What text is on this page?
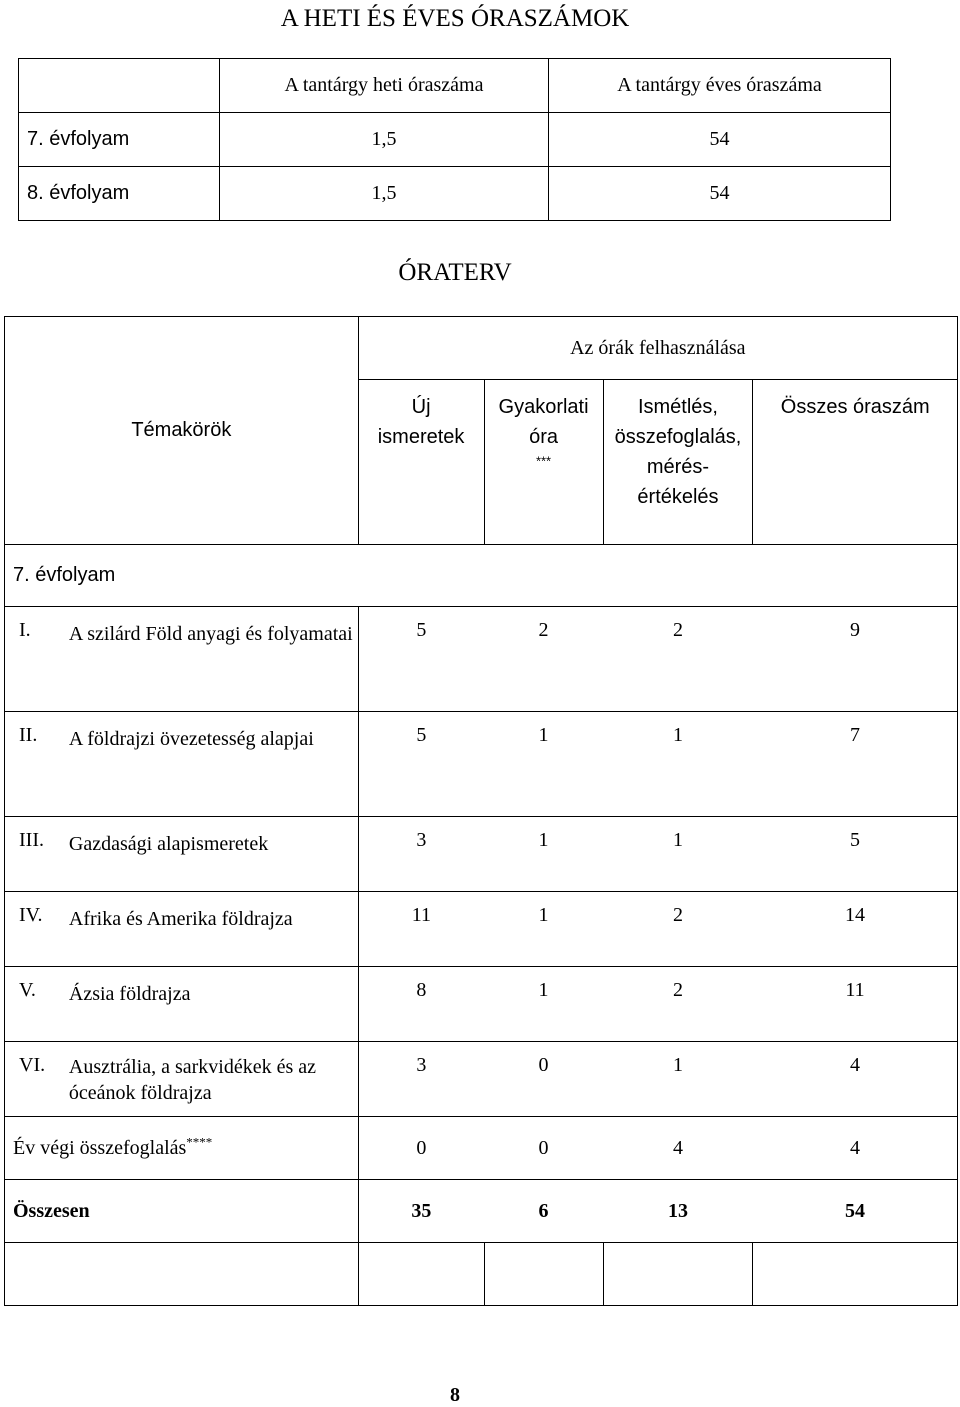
A HETI ÉS ÉVES ÓRASZÁMOK
	A tantárgy heti óraszáma	A tantárgy éves óraszáma
7. évfolyam	1,5	54
8. évfolyam	1,5	54
ÓRATERV
Témakörök		Az órák felhasználása			
		Új ismeretek	Gyakorlati óra***	Ismétlés, összefoglalás, mérés-értékelés	Összes óraszám
7. évfolyam					
I.	A szilárd Föld anyagi és folyamatai	5	2	2	9
II.	A földrajzi övezetesség alapjai	5	1	1	7
III.	Gazdasági alapismeretek	3	1	1	5
IV.	Afrika és Amerika földrajza	11	1	2	14
V.	Ázsia földrajza	8	1	2	11
VI.	Ausztrália, a sarkvidékek és az óceánok földrajza	3	0	1	4
Év végi összefoglalás****		0	0	4	4
Összesen		35	6	13	54

8
